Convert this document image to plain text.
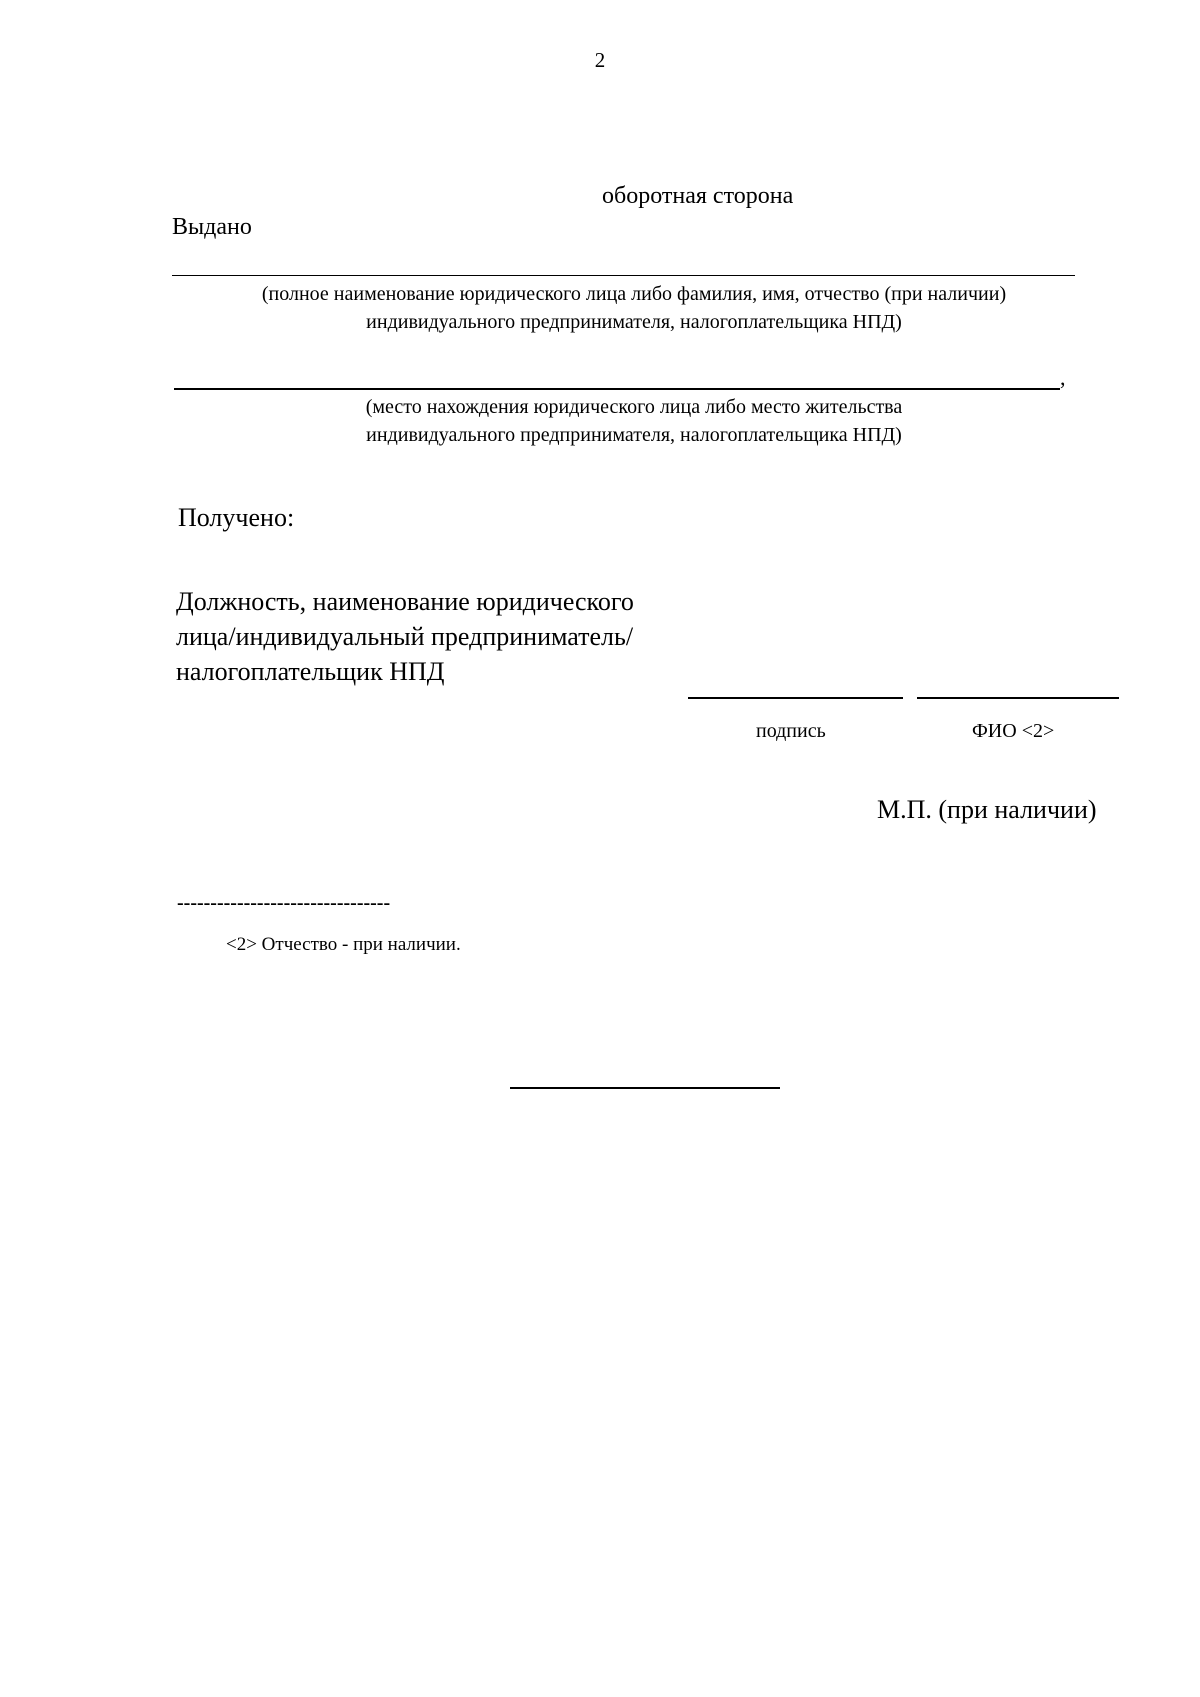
2
оборотная сторона
Выдано
(полное наименование юридического лица либо фамилия, имя, отчество (при наличии)
индивидуального предпринимателя, налогоплательщика НПД)
,
(место нахождения юридического лица либо место жительства
индивидуального предпринимателя, налогоплательщика НПД)
Получено:
Должность, наименование юридического
лица/индивидуальный предприниматель/
налогоплательщик НПД
подпись	ФИО <2>
М.П. (при наличии)
--------------------------------
<2> Отчество - при наличии.
